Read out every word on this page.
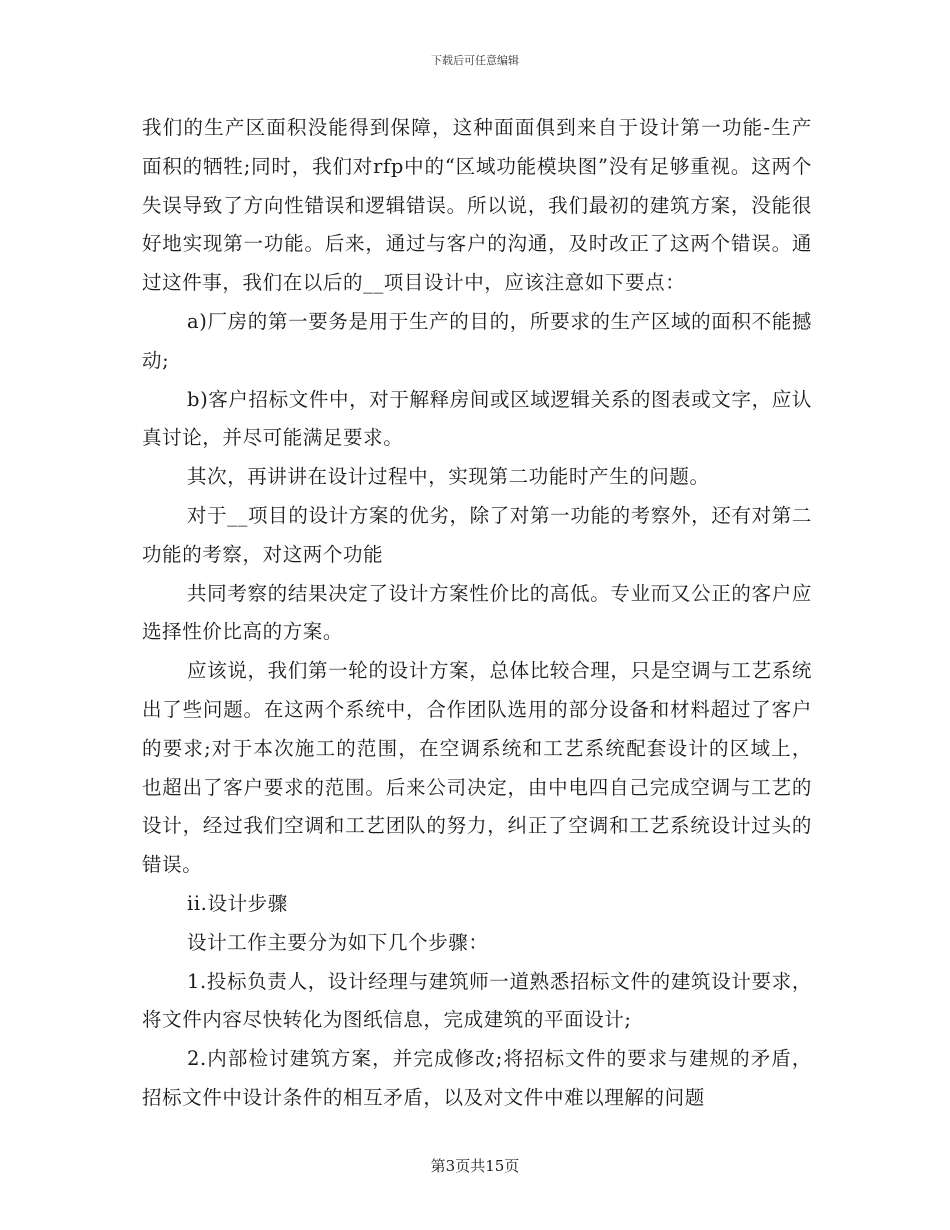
下载后可任意编辑

我们的生产区面积没能得到保障，这种面面俱到来自于设计第一功能-生产面积的牺牲;同时，我们对rfp中的“区域功能模块图”没有足够重视。这两个失误导致了方向性错误和逻辑错误。所以说，我们最初的建筑方案，没能很好地实现第一功能。后来，通过与客户的沟通，及时改正了这两个错误。通过这件事，我们在以后的__项目设计中，应该注意如下要点：

a)厂房的第一要务是用于生产的目的，所要求的生产区域的面积不能撼动;

b)客户招标文件中，对于解释房间或区域逻辑关系的图表或文字，应认真讨论，并尽可能满足要求。

其次，再讲讲在设计过程中，实现第二功能时产生的问题。

对于__项目的设计方案的优劣，除了对第一功能的考察外，还有对第二功能的考察，对这两个功能

共同考察的结果决定了设计方案性价比的高低。专业而又公正的客户应选择性价比高的方案。

应该说，我们第一轮的设计方案，总体比较合理，只是空调与工艺系统出了些问题。在这两个系统中，合作团队选用的部分设备和材料超过了客户的要求;对于本次施工的范围，在空调系统和工艺系统配套设计的区域上，也超出了客户要求的范围。后来公司决定，由中电四自己完成空调与工艺的设计，经过我们空调和工艺团队的努力，纠正了空调和工艺系统设计过头的错误。

ii.设计步骤

设计工作主要分为如下几个步骤：

1.投标负责人，设计经理与建筑师一道熟悉招标文件的建筑设计要求，将文件内容尽快转化为图纸信息，完成建筑的平面设计;

2.内部检讨建筑方案，并完成修改;将招标文件的要求与建规的矛盾，招标文件中设计条件的相互矛盾，以及对文件中难以理解的问题

第3页共15页
